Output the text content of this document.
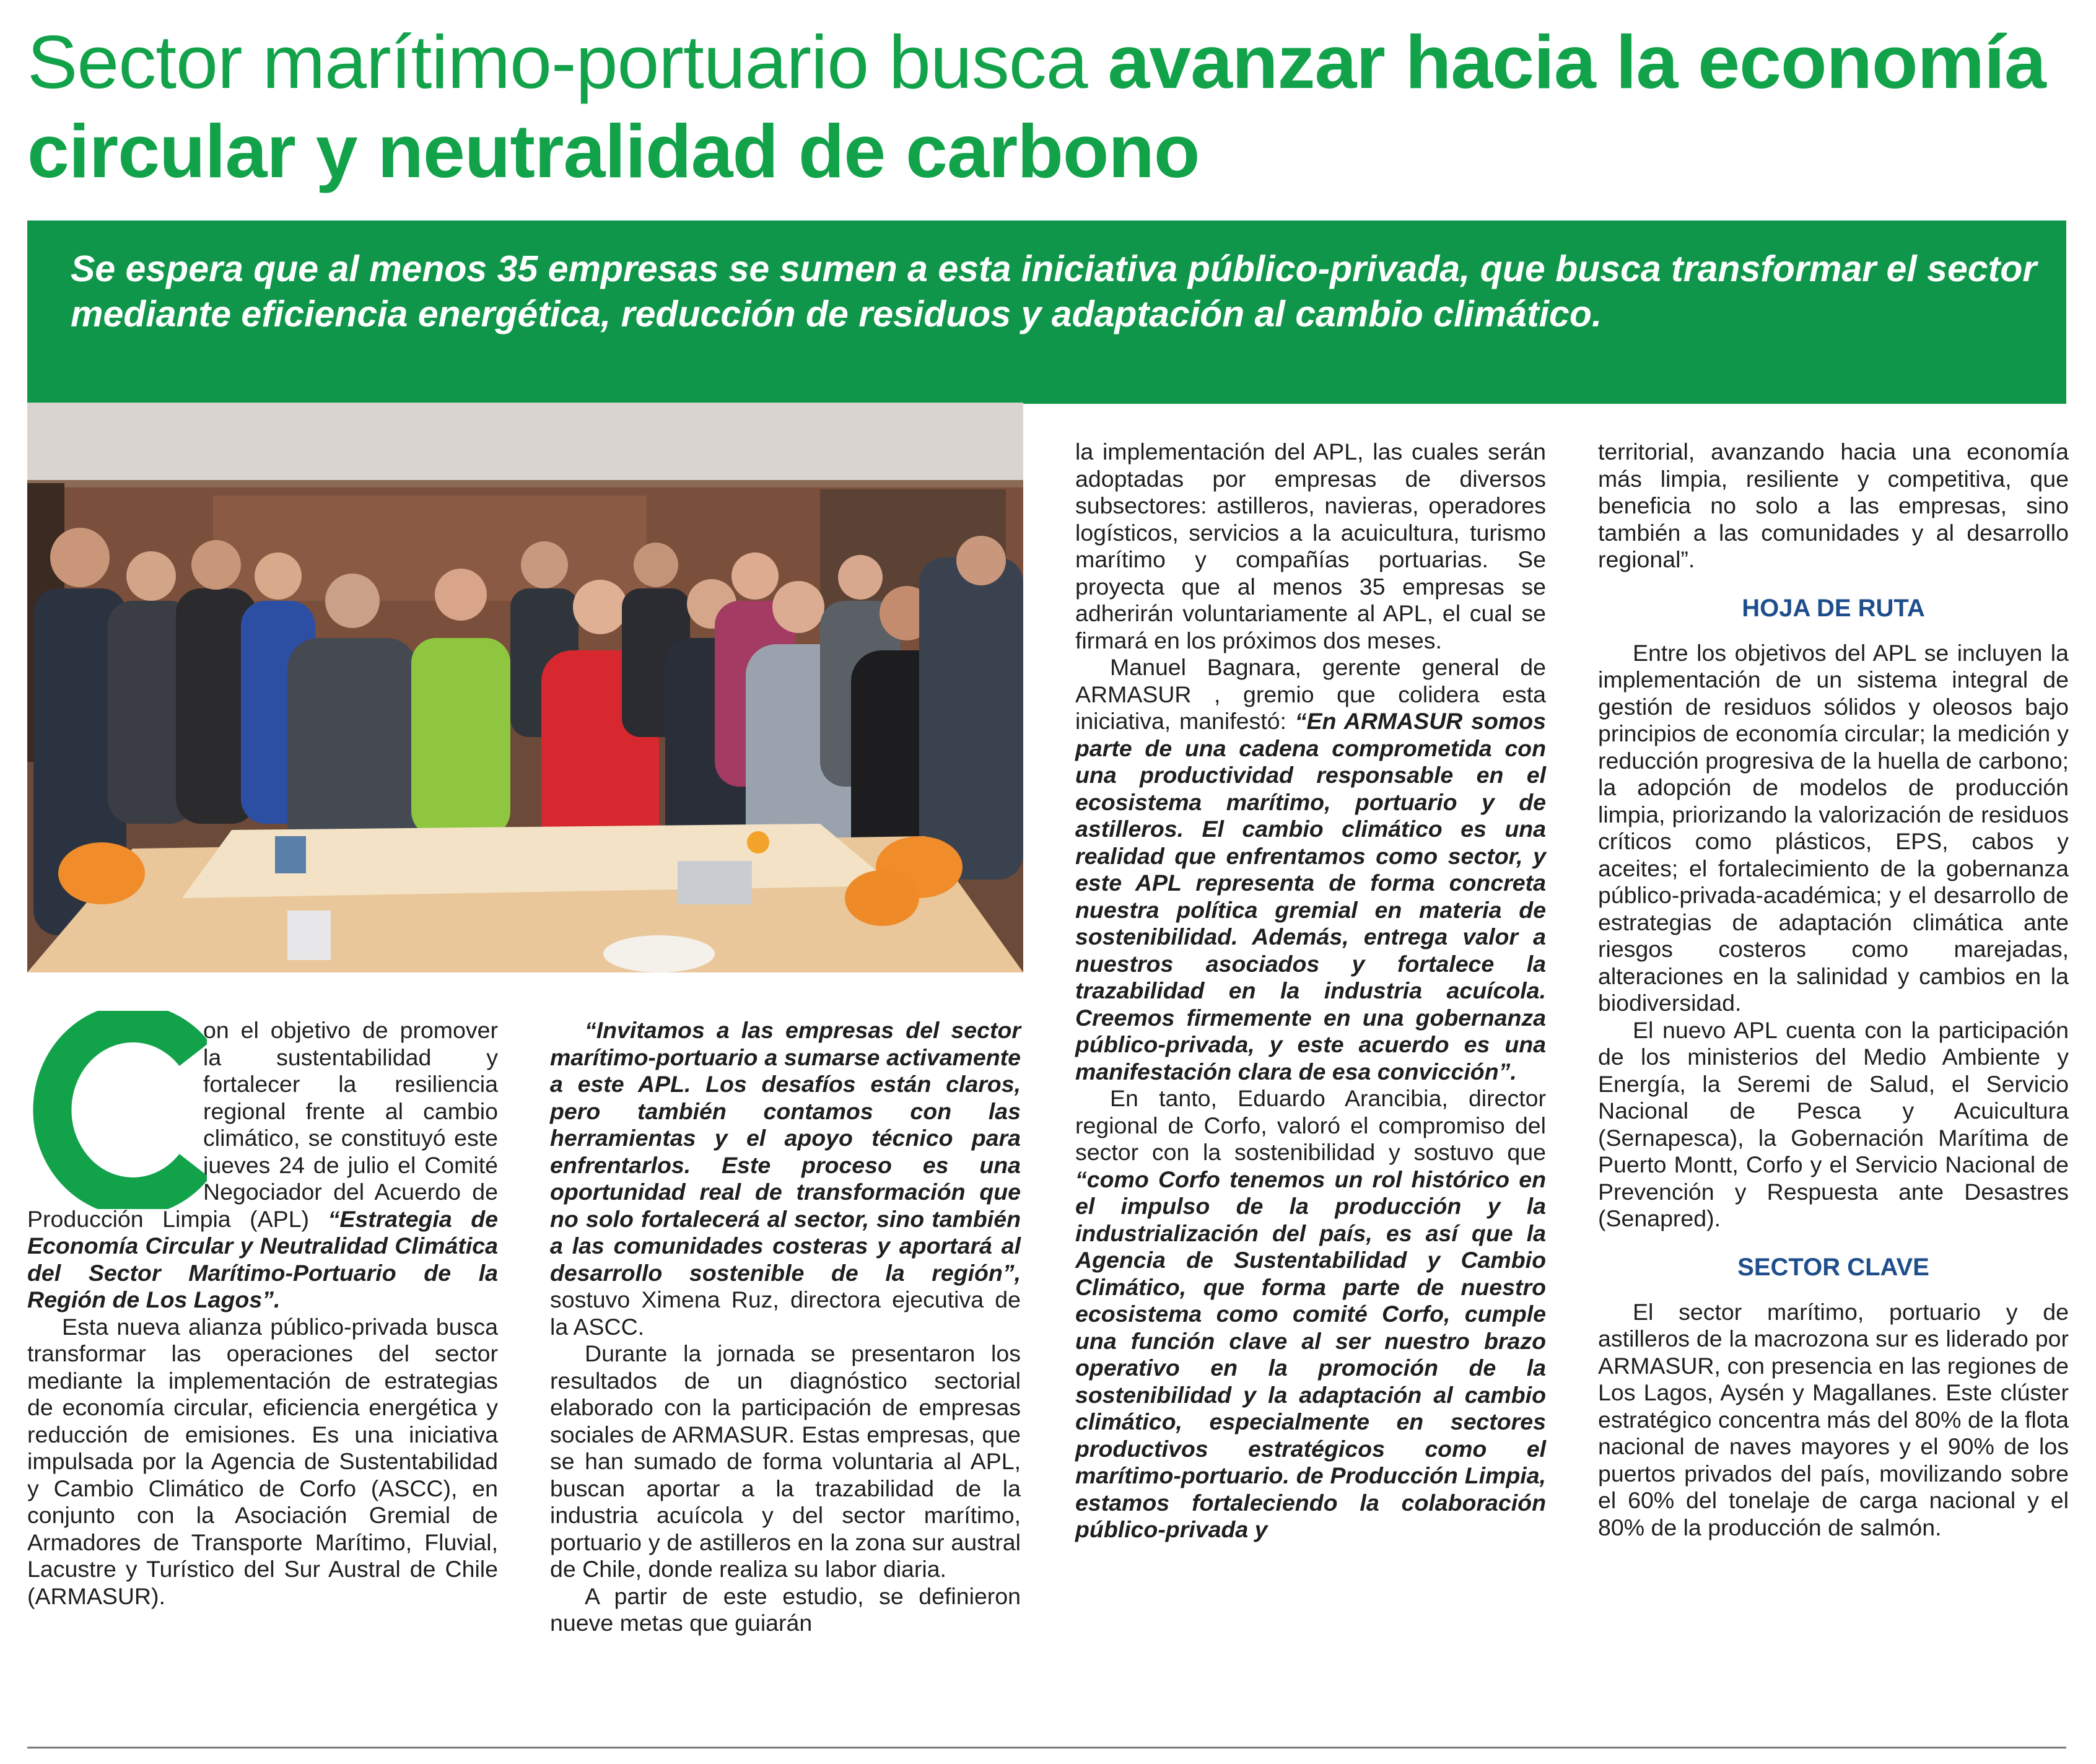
Sector marítimo-portuario busca avanzar hacia la economía circular y neutralidad de carbono

Se espera que al menos 35 empresas se sumen a esta iniciativa público-privada, que busca transformar el sector mediante eficiencia energética, reducción de residuos y adaptación al cambio climático.

on el objetivo de promover la sustentabilidad y fortalecer la resiliencia regional frente al cambio climático, se constituyó este jueves 24 de julio el Comité Negociador del Acuerdo de Producción Limpia (APL) “Estrategia de Economía Circular y Neutralidad Climática del Sector Marítimo-Portuario de la Región de Los Lagos”.

Esta nueva alianza público-privada busca transformar las operaciones del sector mediante la implementación de estrategias de economía circular, eficiencia energética y reducción de emisiones. Es una iniciativa impulsada por la Agencia de Sustentabilidad y Cambio Climático de Corfo (ASCC), en conjunto con la Asociación Gremial de Armadores de Transporte Marítimo, Fluvial, Lacustre y Turístico del Sur Austral de Chile (ARMASUR).

“Invitamos a las empresas del sector marítimo-portuario a sumarse activamente a este APL. Los desafíos están claros, pero también contamos con las herramientas y el apoyo técnico para enfrentarlos. Este proceso es una oportunidad real de transformación que no solo fortalecerá al sector, sino también a las comunidades costeras y aportará al desarrollo sostenible de la región”, sostuvo Ximena Ruz, directora ejecutiva de la ASCC.

Durante la jornada se presentaron los resultados de un diagnóstico sectorial elaborado con la participación de empresas sociales de ARMASUR. Estas empresas, que se han sumado de forma voluntaria al APL, buscan aportar a la trazabilidad de la industria acuícola y del sector marítimo, portuario y de astilleros en la zona sur austral de Chile, donde realiza su labor diaria.

A partir de este estudio, se definieron nueve metas que guiarán

la implementación del APL, las cuales serán adoptadas por empresas de diversos subsectores: astilleros, navieras, operadores logísticos, servicios a la acuicultura, turismo marítimo y compañías portuarias. Se proyecta que al menos 35 empresas se adherirán voluntariamente al APL, el cual se firmará en los próximos dos meses.

Manuel Bagnara, gerente general de ARMASUR , gremio que colidera esta iniciativa, manifestó: “En ARMASUR somos parte de una cadena comprometida con una productividad responsable en el ecosistema marítimo, portuario y de astilleros. El cambio climático es una realidad que enfrentamos como sector, y este APL representa de forma concreta nuestra política gremial en materia de sostenibilidad. Además, entrega valor a nuestros asociados y fortalece la trazabilidad en la industria acuícola. Creemos firmemente en una gobernanza público-privada, y este acuerdo es una manifestación clara de esa convicción”.

En tanto, Eduardo Arancibia, director regional de Corfo, valoró el compromiso del sector con la sostenibilidad y sostuvo que “como Corfo tenemos un rol histórico en el impulso de la producción y la industrialización del país, es así que la Agencia de Sustentabilidad y Cambio Climático, que forma parte de nuestro ecosistema como comité Corfo, cumple una función clave al ser nuestro brazo operativo en la promoción de la sostenibilidad y la adaptación al cambio climático, especialmente en sectores productivos estratégicos como el marítimo-portuario. de Producción Limpia, estamos fortaleciendo la colaboración público-privada y

territorial, avanzando hacia una economía más limpia, resiliente y competitiva, que beneficia no solo a las empresas, sino también a las comunidades y al desarrollo regional”.

HOJA DE RUTA

Entre los objetivos del APL se incluyen la implementación de un sistema integral de gestión de residuos sólidos y oleosos bajo principios de economía circular; la medición y reducción progresiva de la huella de carbono; la adopción de modelos de producción limpia, priorizando la valorización de residuos críticos como plásticos, EPS, cabos y aceites; el fortalecimiento de la gobernanza público-privada-académica; y el desarrollo de estrategias de adaptación climática ante riesgos costeros como marejadas, alteraciones en la salinidad y cambios en la biodiversidad.

El nuevo APL cuenta con la participación de los ministerios del Medio Ambiente y Energía, la Seremi de Salud, el Servicio Nacional de Pesca y Acuicultura (Sernapesca), la Gobernación Marítima de Puerto Montt, Corfo y el Servicio Nacional de Prevención y Respuesta ante Desastres (Senapred).

SECTOR CLAVE

El sector marítimo, portuario y de astilleros de la macrozona sur es liderado por ARMASUR, con presencia en las regiones de Los Lagos, Aysén y Magallanes. Este clúster estratégico concentra más del 80% de la flota nacional de naves mayores y el 90% de los puertos privados del país, movilizando sobre el 60% del tonelaje de carga nacional y el 80% de la producción de salmón.
